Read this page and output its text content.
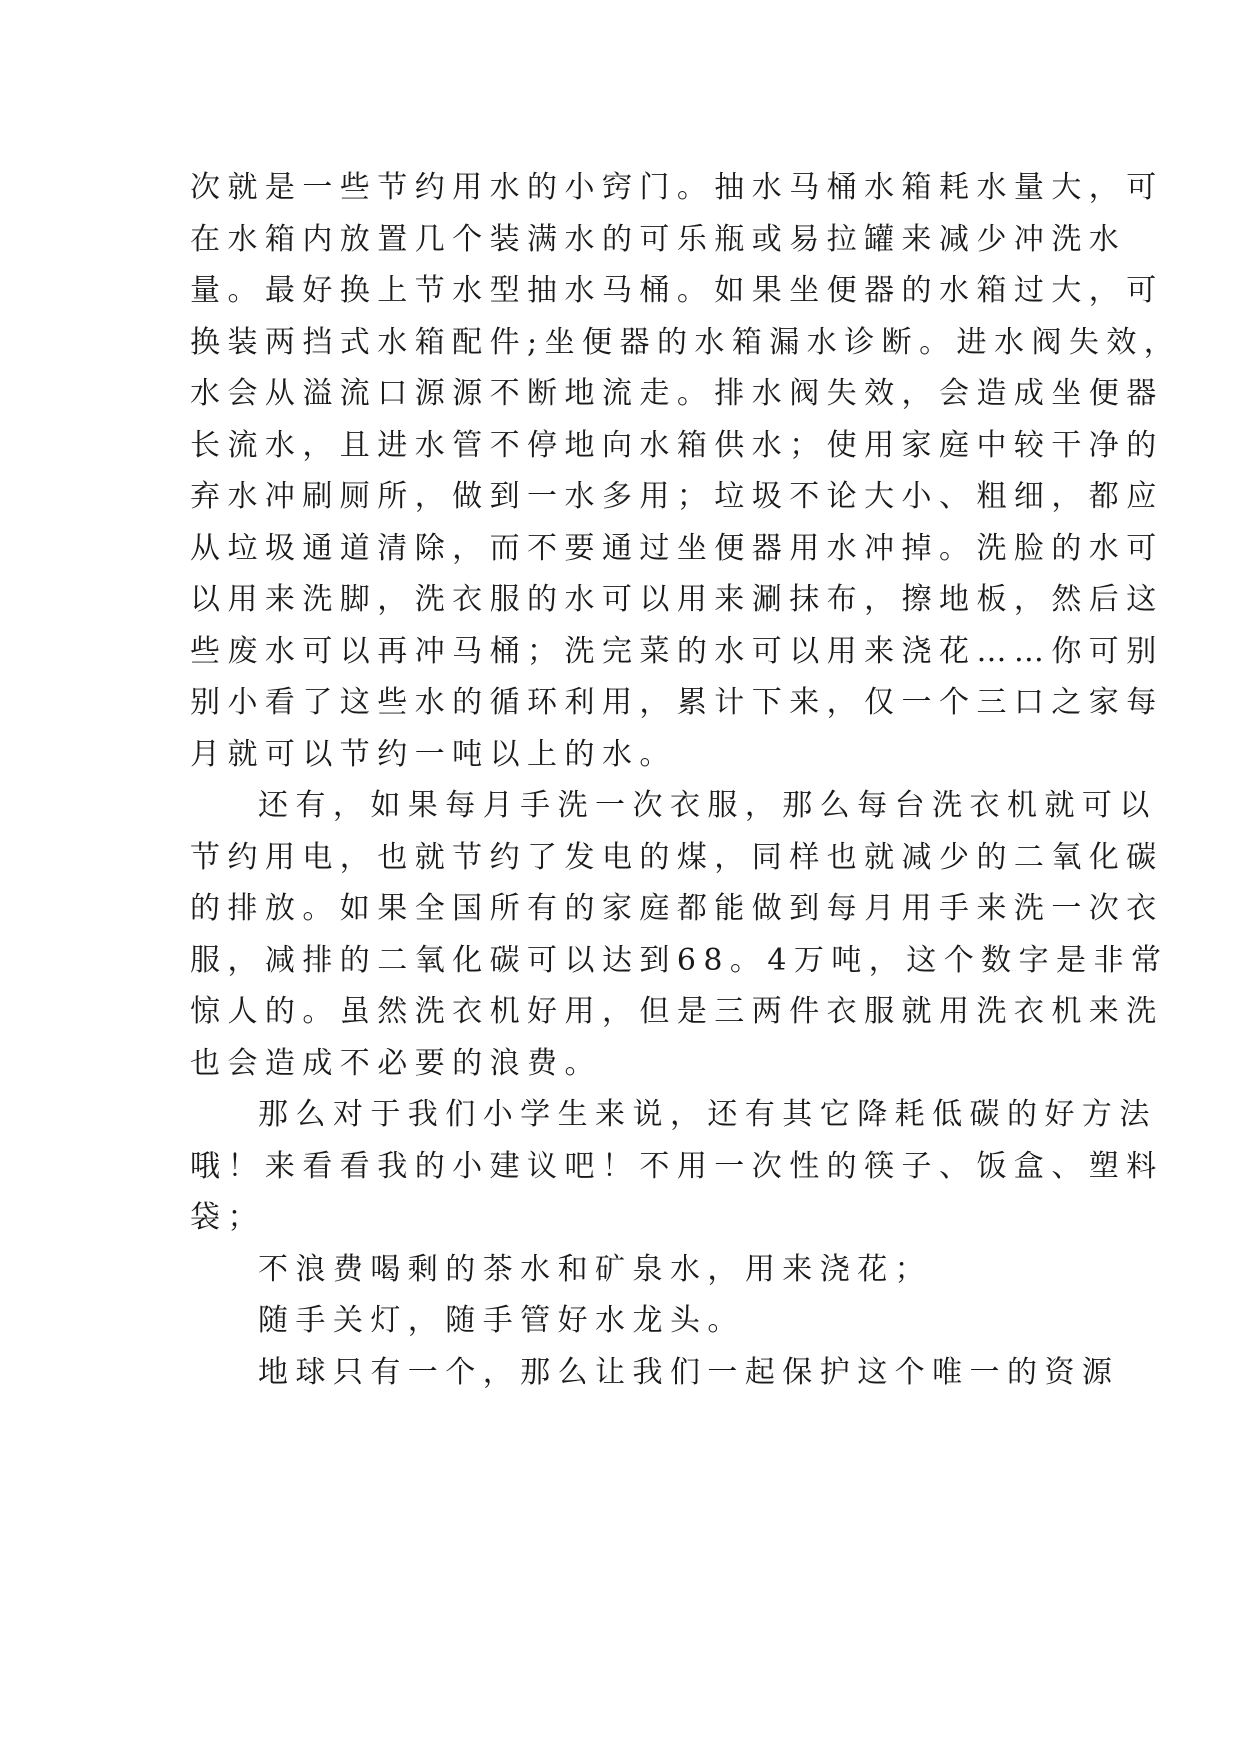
次就是一些节约用水的小窍门。抽水马桶水箱耗水量大，可
在水箱内放置几个装满水的可乐瓶或易拉罐来减少冲洗水
量。最好换上节水型抽水马桶。如果坐便器的水箱过大，可
换装两挡式水箱配件;坐便器的水箱漏水诊断。进水阀失效，
水会从溢流口源源不断地流走。排水阀失效，会造成坐便器
长流水，且进水管不停地向水箱供水；使用家庭中较干净的
弃水冲刷厕所，做到一水多用；垃圾不论大小、粗细，都应
从垃圾通道清除，而不要通过坐便器用水冲掉。洗脸的水可
以用来洗脚，洗衣服的水可以用来涮抹布，擦地板，然后这
些废水可以再冲马桶；洗完菜的水可以用来浇花……你可别
别小看了这些水的循环利用，累计下来，仅一个三口之家每
月就可以节约一吨以上的水。
还有，如果每月手洗一次衣服，那么每台洗衣机就可以
节约用电，也就节约了发电的煤，同样也就减少的二氧化碳
的排放。如果全国所有的家庭都能做到每月用手来洗一次衣
服，减排的二氧化碳可以达到68。4万吨，这个数字是非常
惊人的。虽然洗衣机好用，但是三两件衣服就用洗衣机来洗
也会造成不必要的浪费。
那么对于我们小学生来说，还有其它降耗低碳的好方法
哦！来看看我的小建议吧！不用一次性的筷子、饭盒、塑料
袋；
不浪费喝剩的茶水和矿泉水，用来浇花；
随手关灯，随手管好水龙头。
地球只有一个，那么让我们一起保护这个唯一的资源
